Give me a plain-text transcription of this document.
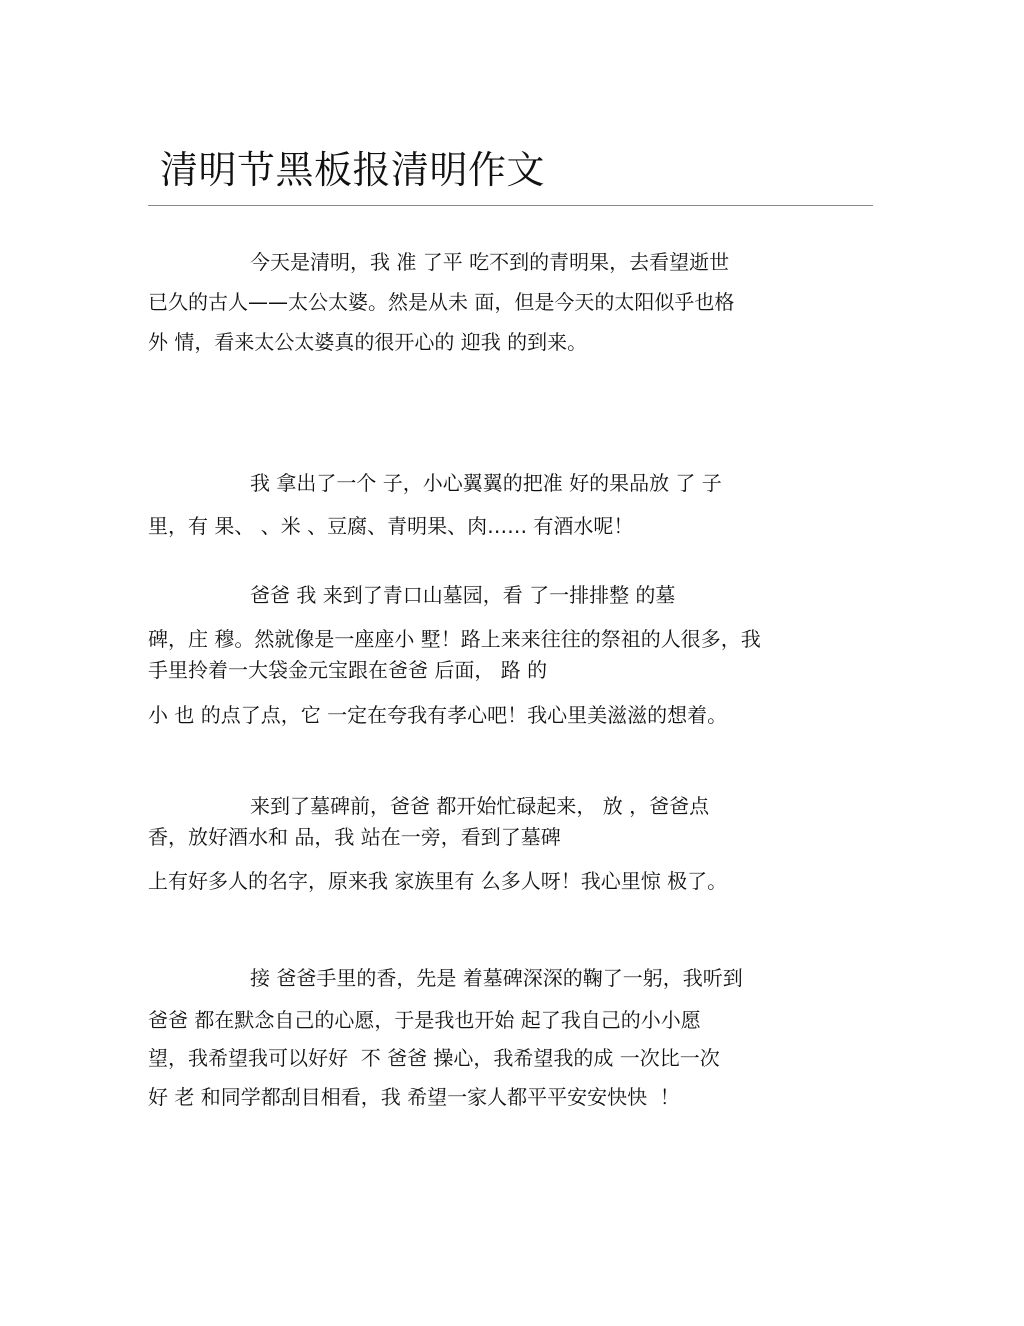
清明节黑板报清明作文
今天是清明，我 准 了平 吃不到的青明果，去看望逝世
已久的古人——太公太婆。然是从未 面，但是今天的太阳似乎也格
外 情，看来太公太婆真的很开心的 迎我 的到来。
我 拿出了一个 子，小心翼翼的把准 好的果品放 了 子
里，有 果、 、米 、豆腐、青明果、肉…… 有酒水呢！
爸爸 我 来到了青口山墓园，看 了一排排整 的墓
碑，庄 穆。然就像是一座座小 墅！路上来来往往的祭祖的人很多，我
手里拎着一大袋金元宝跟在爸爸 后面， 路 的
小 也 的点了点，它 一定在夸我有孝心吧！我心里美滋滋的想着。
来到了墓碑前，爸爸 都开始忙碌起来， 放 ，爸爸点
香，放好酒水和 品，我 站在一旁，看到了墓碑
上有好多人的名字，原来我 家族里有 么多人呀！我心里惊 极了。
接 爸爸手里的香，先是 着墓碑深深的鞠了一躬，我听到
爸爸 都在默念自己的心愿，于是我也开始 起了我自己的小小愿
望，我希望我可以好好  不 爸爸 操心，我希望我的成 一次比一次
好 老 和同学都刮目相看，我 希望一家人都平平安安快快  ！
